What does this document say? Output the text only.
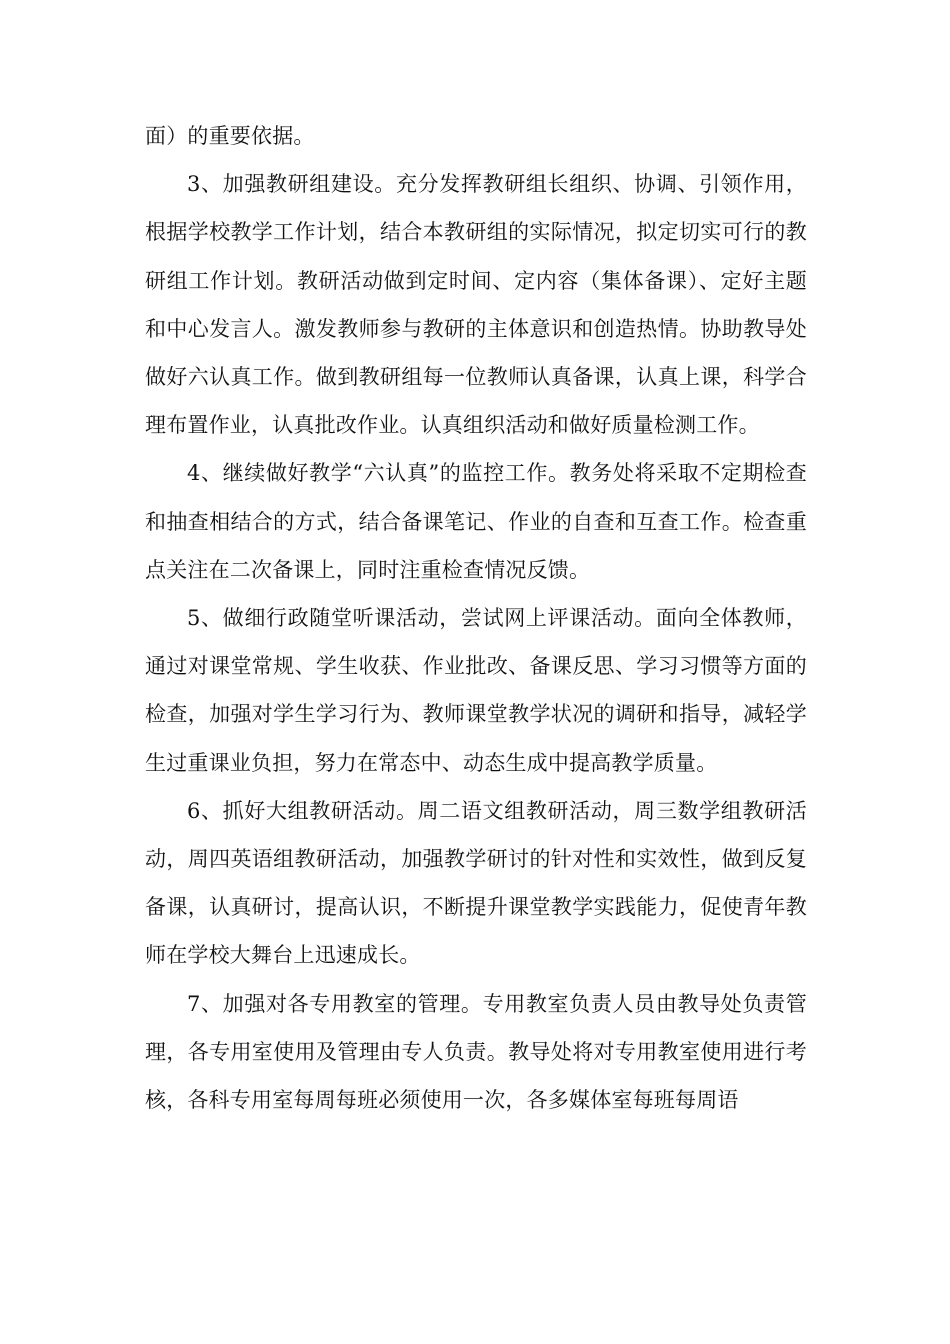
面）的重要依据。

3、加强教研组建设。充分发挥教研组长组织、协调、引领作用，根据学校教学工作计划，结合本教研组的实际情况，拟定切实可行的教研组工作计划。教研活动做到定时间、定内容（集体备课）、定好主题和中心发言人。激发教师参与教研的主体意识和创造热情。协助教导处做好六认真工作。做到教研组每一位教师认真备课，认真上课，科学合理布置作业，认真批改作业。认真组织活动和做好质量检测工作。

4、继续做好教学“六认真”的监控工作。教务处将采取不定期检查和抽查相结合的方式，结合备课笔记、作业的自查和互查工作。检查重点关注在二次备课上，同时注重检查情况反馈。

5、做细行政随堂听课活动，尝试网上评课活动。面向全体教师，通过对课堂常规、学生收获、作业批改、备课反思、学习习惯等方面的检查，加强对学生学习行为、教师课堂教学状况的调研和指导，减轻学生过重课业负担，努力在常态中、动态生成中提高教学质量。

6、抓好大组教研活动。周二语文组教研活动，周三数学组教研活动，周四英语组教研活动，加强教学研讨的针对性和实效性，做到反复备课，认真研讨，提高认识，不断提升课堂教学实践能力，促使青年教师在学校大舞台上迅速成长。

7、加强对各专用教室的管理。专用教室负责人员由教导处负责管理，各专用室使用及管理由专人负责。教导处将对专用教室使用进行考核，各科专用室每周每班必须使用一次，各多媒体室每班每周语
